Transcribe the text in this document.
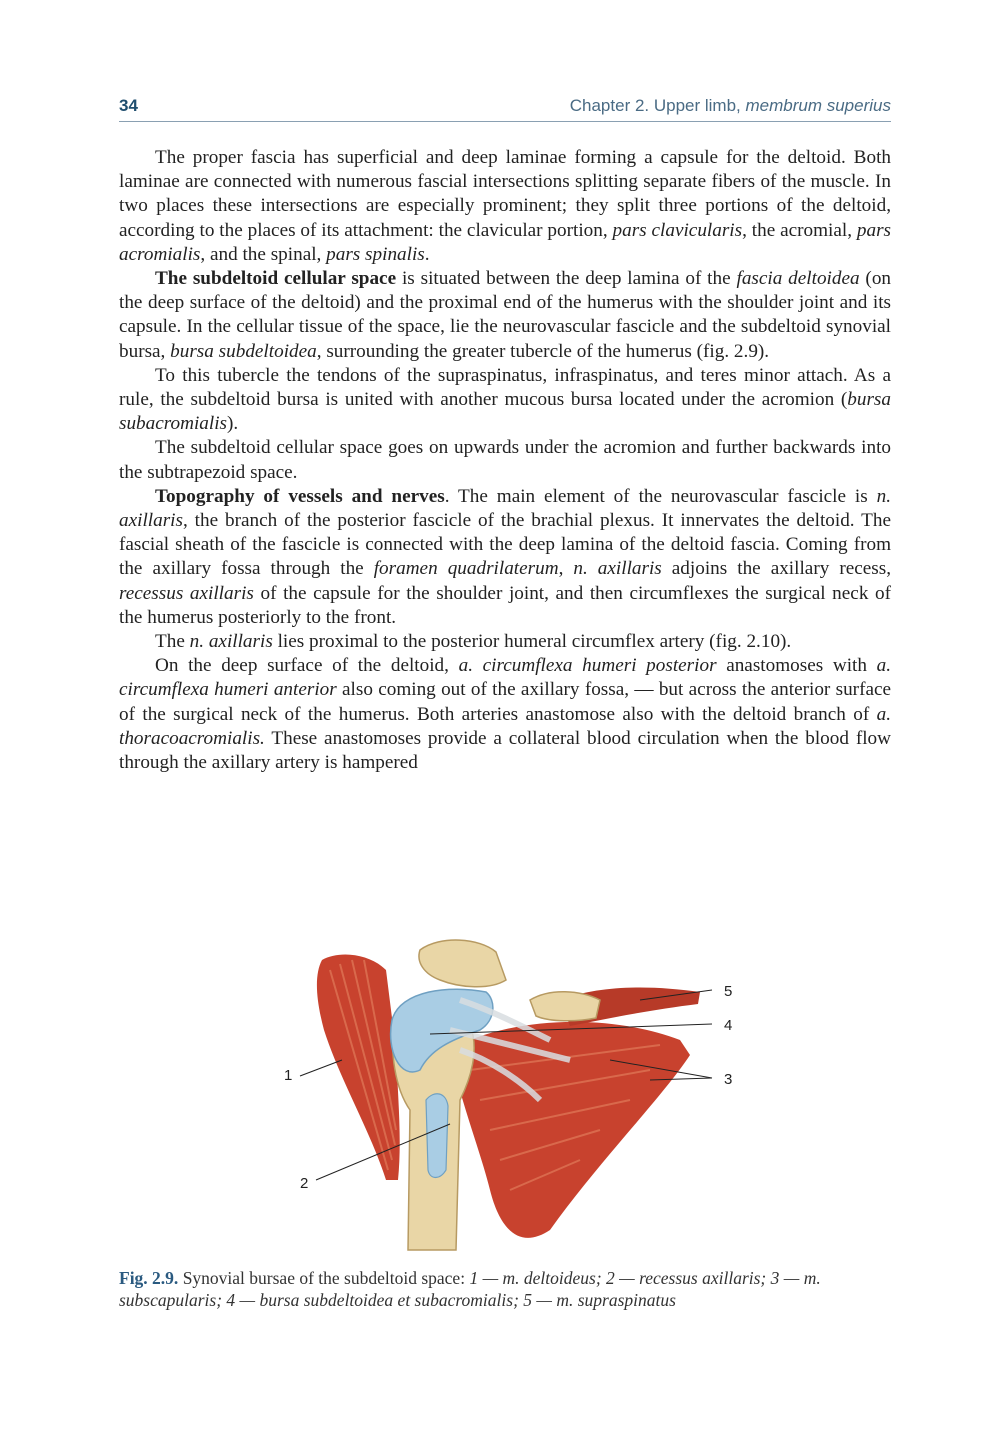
34	Chapter 2. Upper limb, membrum superius

The proper fascia has superficial and deep laminae forming a capsule for the deltoid. Both laminae are connected with numerous fascial intersections splitting separate fibers of the muscle. In two places these intersections are especially prominent; they split three portions of the deltoid, according to the places of its attachment: the clavicular portion, pars clavicularis, the acromial, pars acromialis, and the spinal, pars spinalis.

The subdeltoid cellular space is situated between the deep lamina of the fascia deltoidea (on the deep surface of the deltoid) and the proximal end of the humerus with the shoulder joint and its capsule. In the cellular tissue of the space, lie the neurovascular fascicle and the subdeltoid synovial bursa, bursa subdeltoidea, surrounding the greater tubercle of the humerus (fig. 2.9).

To this tubercle the tendons of the supraspinatus, infraspinatus, and teres minor attach. As a rule, the subdeltoid bursa is united with another mucous bursa located under the acromion (bursa subacromialis).

The subdeltoid cellular space goes on upwards under the acromion and further backwards into the subtrapezoid space.

Topography of vessels and nerves. The main element of the neurovascular fascicle is n. axillaris, the branch of the posterior fascicle of the brachial plexus. It innervates the deltoid. The fascial sheath of the fascicle is connected with the deep lamina of the deltoid fascia. Coming from the axillary fossa through the foramen quadrilaterum, n. axillaris adjoins the axillary recess, recessus axillaris of the capsule for the shoulder joint, and then circumflexes the surgical neck of the humerus posteriorly to the front.

The n. axillaris lies proximal to the posterior humeral circumflex artery (fig. 2.10).

On the deep surface of the deltoid, a. circumflexa humeri posterior anastomoses with a. circumflexa humeri anterior also coming out of the axillary fossa, — but across the anterior surface of the surgical neck of the humerus. Both arteries anastomose also with the deltoid branch of a. thoracoacromialis. These anastomoses provide a collateral blood circulation when the blood flow through the axillary artery is hampered

5
4
3
1
2
Fig. 2.9. Synovial bursae of the subdeltoid space: 1 — m. deltoideus; 2 — recessus axillaris; 3 — m. subscapularis; 4 — bursa subdeltoidea et subacromialis; 5 — m. supraspinatus
